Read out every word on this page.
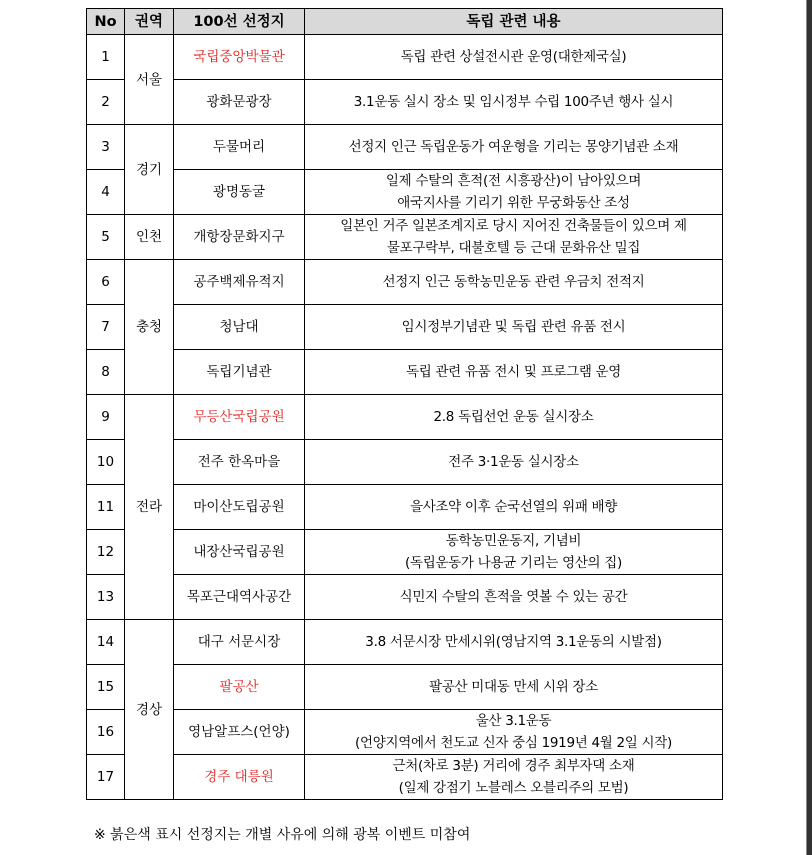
No	권역	100선 선정지	독립 관련 내용
1	서울	국립중앙박물관	독립 관련 상설전시관 운영(대한제국실)

2		광화문광장	3.1운동 실시 장소 및 임시정부 수립 100주년 행사 실시

3	경기	두물머리	선정지 인근 독립운동가 여운형을 기리는 몽양기념관 소재

4		광명동굴	일제 수탈의 흔적(전 시흥광산)이 남아있으며
애국지사를 기리기 위한 무궁화동산 조성

5	인천	개항장문화지구	일본인 거주 일본조계지로 당시 지어진 건축물들이 있으며 제
물포구락부, 대불호텔 등 근대 문화유산 밀집

6	충청	공주백제유적지	선정지 인근 동학농민운동 관련 우금치 전적지

7		청남대	임시정부기념관 및 독립 관련 유품 전시

8		독립기념관	독립 관련 유품 전시 및 프로그램 운영

9	전라	무등산국립공원	2.8 독립선언 운동 실시장소

10		전주 한옥마을	전주 3·1운동 실시장소

11		마이산도립공원	을사조약 이후 순국선열의 위패 배향

12		내장산국립공원	동학농민운동지, 기념비
(독립운동가 나용균 기리는 영산의 집)

13		목포근대역사공간	식민지 수탈의 흔적을 엿볼 수 있는 공간

14	경상	대구 서문시장	3.8 서문시장 만세시위(영남지역 3.1운동의 시발점)

15		팔공산	팔공산 미대동 만세 시위 장소

16		영남알프스(언양)	울산 3.1운동
(언양지역에서 천도교 신자 중심 1919년 4월 2일 시작)

17		경주 대릉원	근처(차로 3분) 거리에 경주 최부자댁 소재
(일제 강점기 노블레스 오블리주의 모범)
※ 붉은색 표시 선정지는 개별 사유에 의해 광복 이벤트 미참여
